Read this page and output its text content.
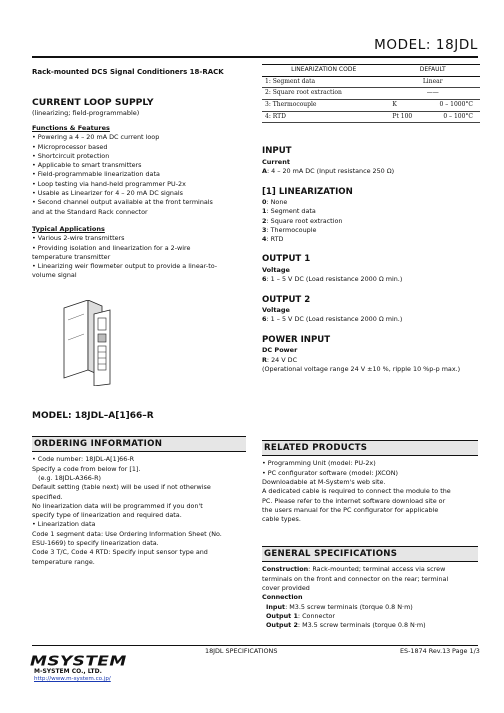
MODEL: 18JDL
Rack-mounted DCS Signal Conditioners 18-RACK
CURRENT LOOP SUPPLY
(linearizing; field-programmable)
Functions & Features
• Powering a 4 – 20 mA DC current loop
• Microprocessor based
• Shortcircuit protection
• Applicable to smart transmitters
• Field-programmable linearization data
• Loop testing via hand-held programmer PU-2x
• Usable as Linearizer for 4 – 20 mA DC signals
• Second channel output available at the front terminals
and at the Standard Rack connector
Typical Applications
• Various 2-wire transmitters
• Providing isolation and linearization for a 2-wire
temperature transmitter
• Linearizing weir flowmeter output to provide a linear-to-
volume signal
MODEL: 18JDL–A[1]66–R
ORDERING INFORMATION
• Code number: 18JDL-A[1]66-R
Specify a code from below for [1].
(e.g. 18JDL-A366-R)
Default setting (table next) will be used if not otherwise
specified.
No linearization data will be programmed if you don't
specify type of linearization and required data.
• Linearization data
Code 1 segment data: Use Ordering Information Sheet (No.
ESU-1669) to specify linearization data.
Code 3 T/C, Code 4 RTD: Specify input sensor type and
temperature range.
LINEARIZATION CODE	DEFAULT
1: Segment data	Linear
2: Square root extraction	——
3: Thermocouple	K 0 – 1000°C

4: RTD	Pt 100 0 – 100°C
INPUT
Current
A: 4 – 20 mA DC (Input resistance 250 Ω)
[1] LINEARIZATION
0: None
1: Segment data
2: Square root extraction
3: Thermocouple
4: RTD
OUTPUT 1
Voltage
6: 1 – 5 V DC (Load resistance 2000 Ω min.)
OUTPUT 2
Voltage
6: 1 – 5 V DC (Load resistance 2000 Ω min.)
POWER INPUT
DC Power
R: 24 V DC
(Operational voltage range 24 V ±10 %, ripple 10 %p-p max.)
RELATED PRODUCTS
• Programming Unit (model: PU-2x)
• PC configurator software (model: JXCON)
Downloadable at M-System's web site.
A dedicated cable is required to connect the module to the
PC. Please refer to the internet software download site or
the users manual for the PC configurator for applicable
cable types.
GENERAL SPECIFICATIONS
Construction: Rack-mounted; terminal access via screw
terminals on the front and connector on the rear; terminal
cover provided
Connection
Input: M3.5 screw terminals (torque 0.8 N·m)
Output 1: Connector
Output 2: M3.5 screw terminals (torque 0.8 N·m)
18JDL SPECIFICATIONS	ES-1874 Rev.13 Page 1/3
MSYSTEM
M-SYSTEM CO., LTD.
http://www.m-system.co.jp/
